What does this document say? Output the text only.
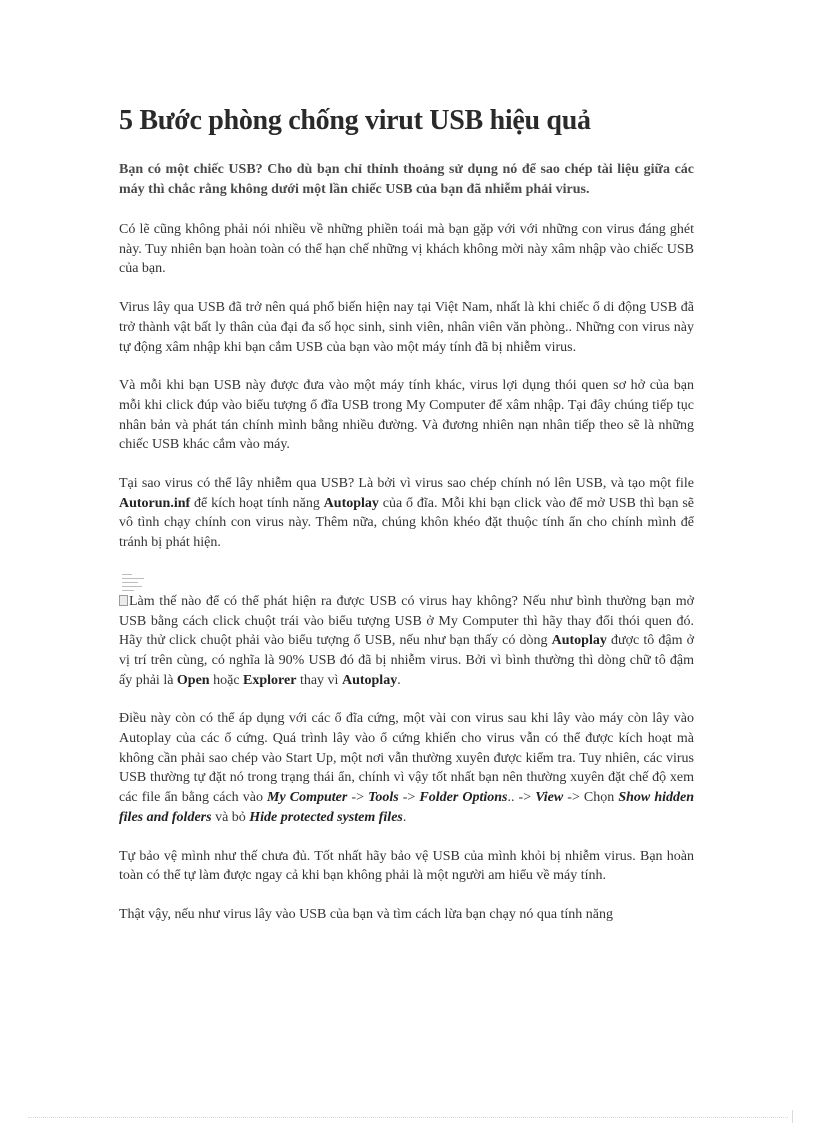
5 Bước phòng chống virut USB hiệu quả

Bạn có một chiếc USB? Cho dù bạn chỉ thỉnh thoảng sử dụng nó để sao chép tài liệu giữa các máy thì chắc rằng không dưới một lần chiếc USB của bạn đã nhiễm phải virus.

Có lẽ cũng không phải nói nhiều về những phiền toái mà bạn gặp với với những con virus đáng ghét này. Tuy nhiên bạn hoàn toàn có thể hạn chế những vị khách không mời này xâm nhập vào chiếc USB của bạn.

Virus lây qua USB đã trở nên quá phổ biến hiện nay tại Việt Nam, nhất là khi chiếc ổ di động USB đã trở thành vật bất ly thân của đại đa số học sinh, sinh viên, nhân viên văn phòng.. Những con virus này tự động xâm nhập khi bạn cắm USB của bạn vào một máy tính đã bị nhiễm virus.

Và mỗi khi bạn USB này được đưa vào một máy tính khác, virus lợi dụng thói quen sơ hở của bạn mỗi khi click đúp vào biểu tượng ổ đĩa USB trong My Computer để xâm nhập. Tại đây chúng tiếp tục nhân bản và phát tán chính mình bằng nhiều đường. Và đương nhiên nạn nhân tiếp theo sẽ là những chiếc USB khác cắm vào máy.

Tại sao virus có thể lây nhiễm qua USB? Là bởi vì virus sao chép chính nó lên USB, và tạo một file Autorun.inf để kích hoạt tính năng Autoplay của ổ đĩa. Mỗi khi bạn click vào để mở USB thì bạn sẽ vô tình chạy chính con virus này. Thêm nữa, chúng khôn khéo đặt thuộc tính ẩn cho chính mình để tránh bị phát hiện.

Làm thế nào để có thể phát hiện ra được USB có virus hay không? Nếu như bình thường bạn mở USB bằng cách click chuột trái vào biểu tượng USB ở My Computer thì hãy thay đổi thói quen đó. Hãy thử click chuột phải vào biểu tượng ổ USB, nếu như bạn thấy có dòng Autoplay được tô đậm ở vị trí trên cùng, có nghĩa là 90% USB đó đã bị nhiễm virus. Bởi vì bình thường thì dòng chữ tô đậm ấy phải là Open hoặc Explorer thay vì Autoplay.

Điều này còn có thể áp dụng với các ổ đĩa cứng, một vài con virus sau khi lây vào máy còn lây vào Autoplay của các ổ cứng. Quá trình lây vào ổ cứng khiến cho virus vẫn có thể được kích hoạt mà không cần phải sao chép vào Start Up, một nơi vẫn thường xuyên được kiểm tra. Tuy nhiên, các virus USB thường tự đặt nó trong trạng thái ẩn, chính vì vậy tốt nhất bạn nên thường xuyên đặt chế độ xem các file ẩn bằng cách vào My Computer -> Tools -> Folder Options.. -> View -> Chọn Show hidden files and folders và bỏ Hide protected system files.

Tự bảo vệ mình như thế chưa đủ. Tốt nhất hãy bảo vệ USB của mình khỏi bị nhiễm virus. Bạn hoàn toàn có thể tự làm được ngay cả khi bạn không phải là một người am hiểu về máy tính.

Thật vậy, nếu như virus lây vào USB của bạn và tìm cách lừa bạn chạy nó qua tính năng
